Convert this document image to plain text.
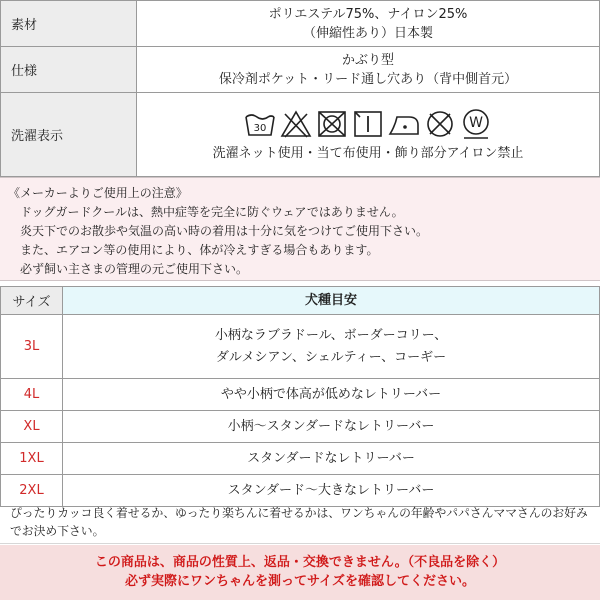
素材	ポリエステル75%、ナイロン25%
（伸縮性あり）日本製

仕様	かぶり型
保冷剤ポケット・リード通し穴あり（背中側首元）

洗濯表示	30 W
洗濯ネット使用・当て布使用・飾り部分アイロン禁止
《メーカーよりご使用上の注意》
ドッグガードクールは、熱中症等を完全に防ぐウェアではありません。
炎天下でのお散歩や気温の高い時の着用は十分に気をつけてご使用下さい。
また、エアコン等の使用により、体が冷えすぎる場合もあります。
必ず飼い主さまの管理の元ご使用下さい。
サイズ	犬種目安
3L	小柄なラブラドール、ボーダーコリー、
ダルメシアン、シェルティー、コーギー

4L	やや小柄で体高が低めなレトリーバー
XL	小柄～スタンダードなレトリーバー
1XL	スタンダードなレトリーバー
2XL	スタンダード～大きなレトリーバー
ぴったりカッコ良く着せるか、ゆったり楽ちんに着せるかは、ワンちゃんの年齢やパパさんママさんのお好み
でお決め下さい。
この商品は、商品の性質上、返品・交換できません。（不良品を除く）
必ず実際にワンちゃんを測ってサイズを確認してください。
